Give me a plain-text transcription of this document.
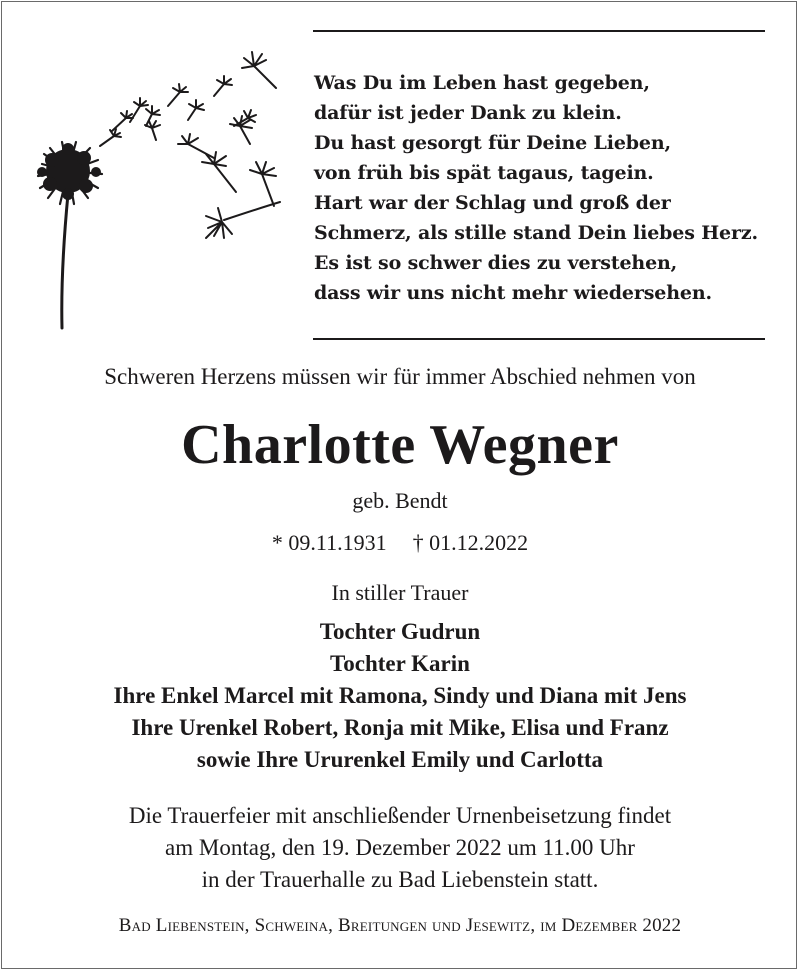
Was Du im Leben hast gegeben,
dafür ist jeder Dank zu klein.
Du hast gesorgt für Deine Lieben,
von früh bis spät tagaus, tagein.
Hart war der Schlag und groß der
Schmerz, als stille stand Dein liebes Herz.
Es ist so schwer dies zu verstehen,
dass wir uns nicht mehr wiedersehen.
Schweren Herzens müssen wir für immer Abschied nehmen von
Charlotte Wegner
geb. Bendt
* 09.11.1931 † 01.12.2022
In stiller Trauer
Tochter Gudrun
Tochter Karin
Ihre Enkel Marcel mit Ramona, Sindy und Diana mit Jens
Ihre Urenkel Robert, Ronja mit Mike, Elisa und Franz
sowie Ihre Ururenkel Emily und Carlotta
Die Trauerfeier mit anschließender Urnenbeisetzung findet
am Montag, den 19. Dezember 2022 um 11.00 Uhr
in der Trauerhalle zu Bad Liebenstein statt.
Bad Liebenstein, Schweina, Breitungen und Jesewitz, im Dezember 2022
